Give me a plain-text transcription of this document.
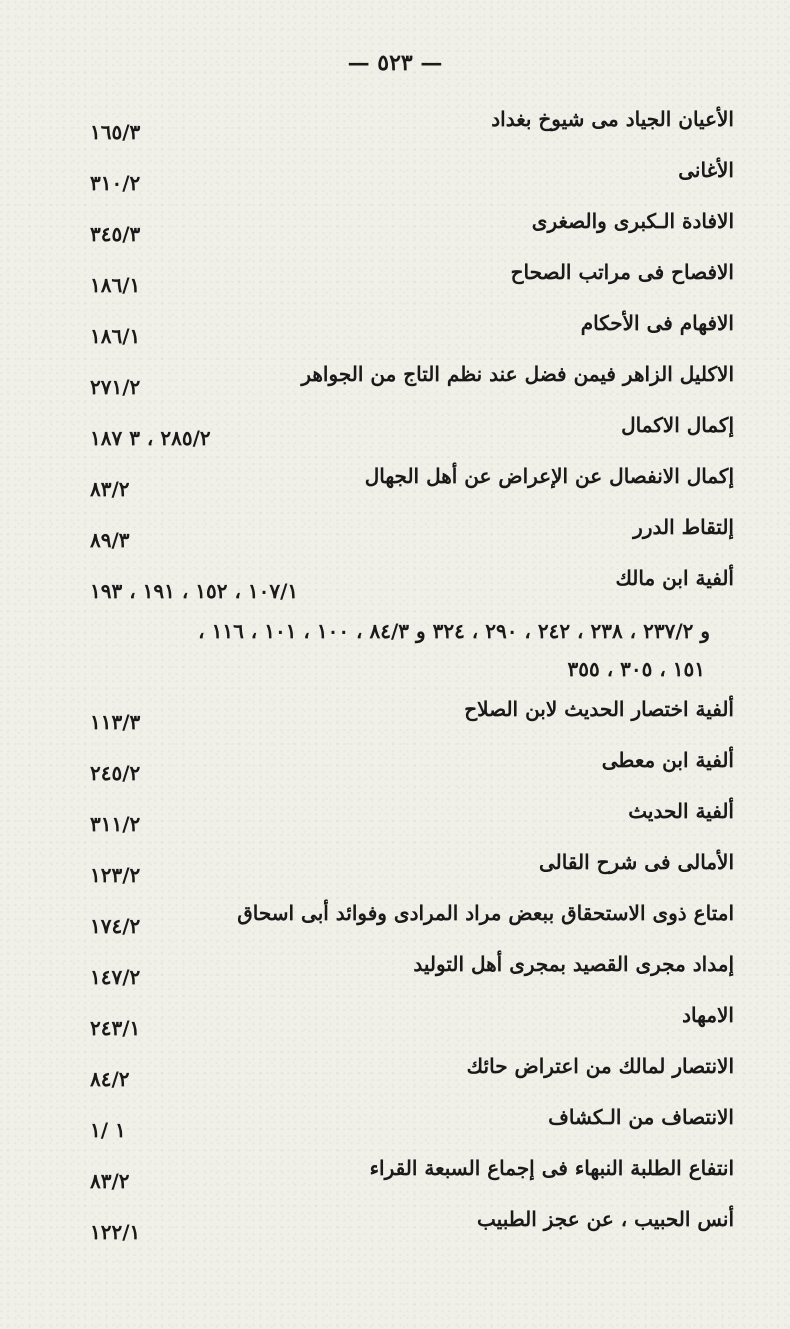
— ٥٢٣ —
الأعيان الجياد مى شيوخ بغداد
١٦٥/٣
الأغانى
٣١٠/٢
الافادة الـكبرى والصغرى
٣٤٥/٣
الافصاح فى مراتب الصحاح
١٨٦/١
الافهام فى الأحكام
١٨٦/١
الاكليل الزاهر فيمن فضل عند نظم التاج من الجواهر
٢٧١/٢
إكمال الاكمال
٢٨٥/٢ ، ٣ ١٨٧
إكمال الانفصال عن الإعراض عن أهل الجهال
٨٣/٢
إلتقاط الدرر
٨٩/٣
ألفية ابن مالك
١٠٧/١ ، ١٥٢ ، ١٩١ ، ١٩٣
و ٢٣٧/٢ ، ٢٣٨ ، ٢٤٢ ، ٢٩٠ ، ٣٢٤ و ٨٤/٣ ، ١٠٠ ، ١٠١ ، ١١٦ ،
١٥١ ، ٣٠٥ ، ٣٥٥
ألفية اختصار الحديث لابن الصلاح
١١٣/٣
ألفية ابن معطى
٢٤٥/٢
ألفية الحديث
٣١١/٢
الأمالى فى شرح القالى
١٢٣/٢
امتاع ذوى الاستحقاق ببعض مراد المرادى وفوائد أبى اسحاق
١٧٤/٢
إمداد مجرى القصيد بمجرى أهل التوليد
١٤٧/٢
الامهاد
٢٤٣/١
الانتصار لمالك من اعتراض حائك
٨٤/٢
الانتصاف من الـكشاف
١ /١
انتفاع الطلبة النبهاء فى إجماع السبعة القراء
٨٣/٢
أنس الحبيب ، عن عجز الطبيب
١٢٢/١
